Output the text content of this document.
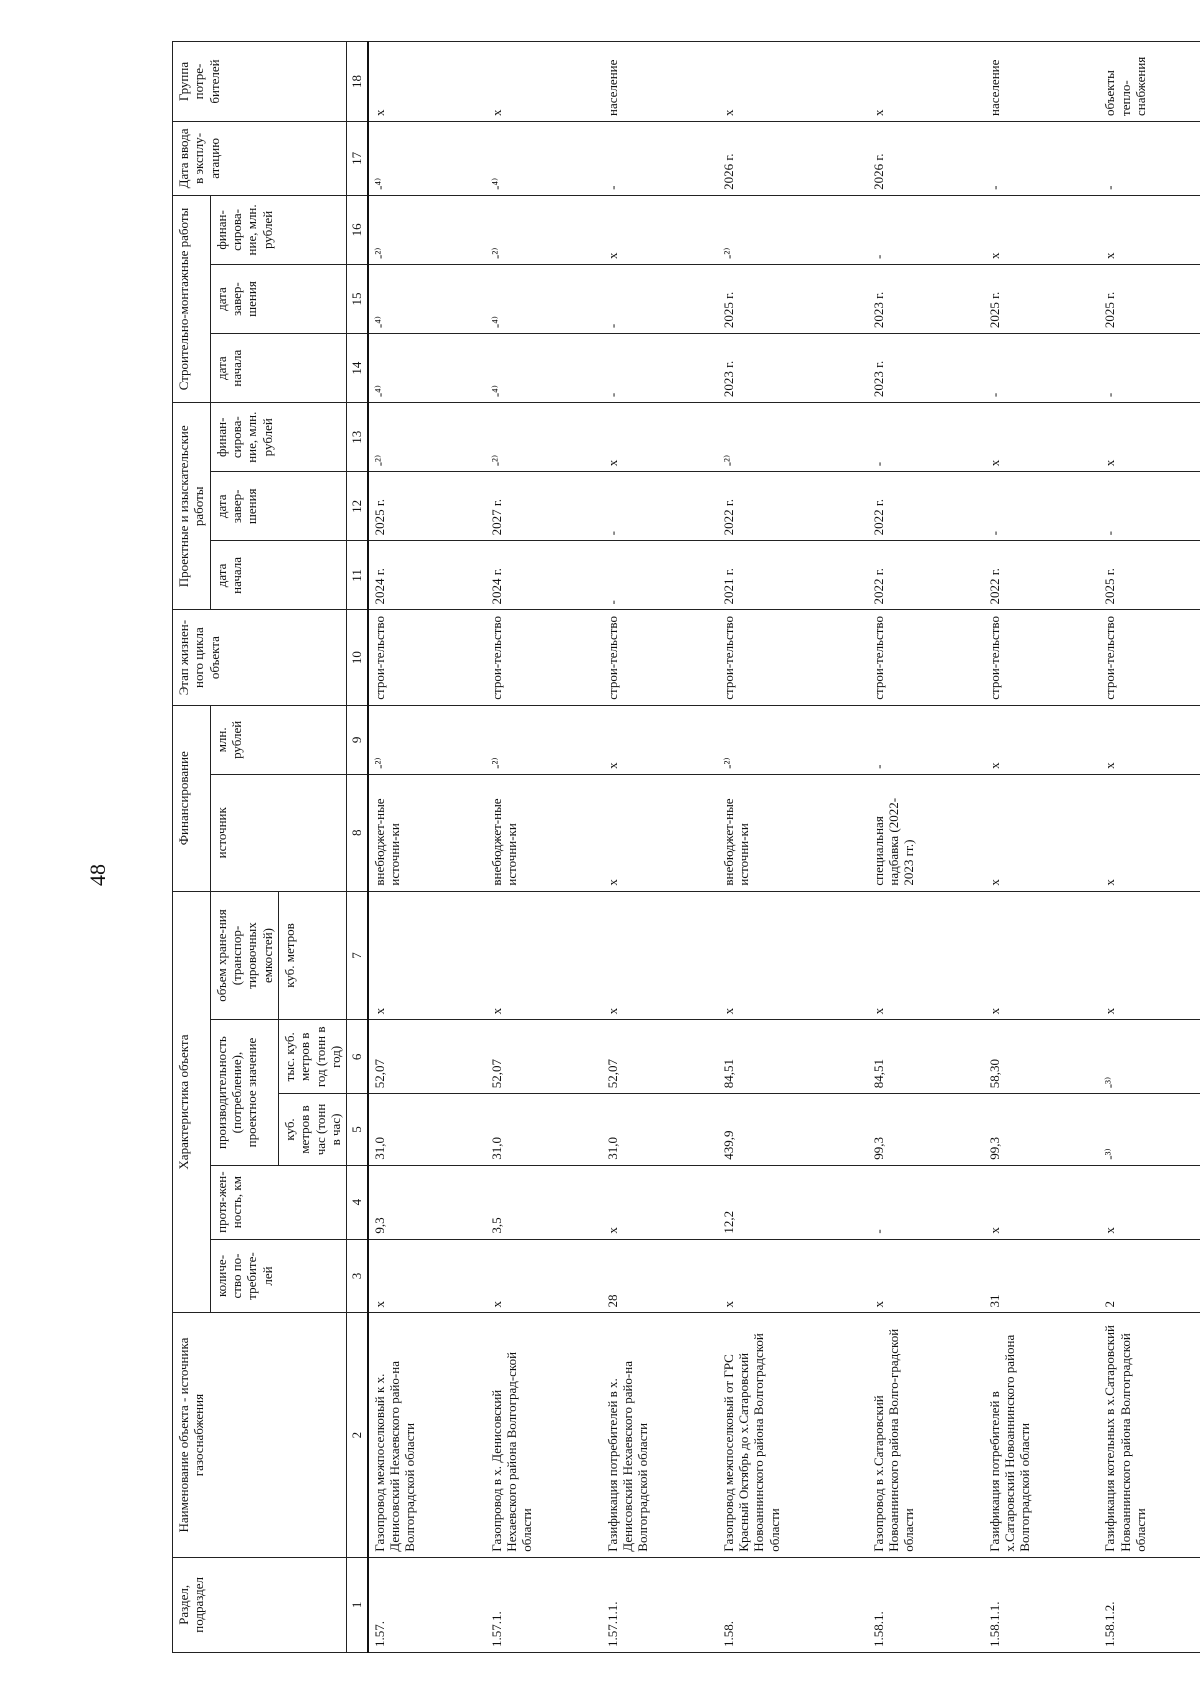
48
Раздел, подраздел	Наименование объекта - источника газоснабжения	Характеристика объекта					Финансирование		Этап жизнен-ного цикла объекта	Проектные и изыскательские работы			Строительно-монтажные работы			Дата ввода в эксплу-атацию	Группа потре-бителей
		количе-ство по-требите-лей	протя-жен-ность, км	производительность (потребление), проектное значение		объем хране-ния (транспор-тировочных емкостей)	источник	млн. рублей		дата начала	дата завер-шения	финан-сирова-ние, млн. рублей	дата начала	дата завер-шения	финан-сирова-ние, млн. рублей		
				куб. метров в час (тонн в час)	тыс. куб. метров в год (тонн в год)	куб. метров											
1	2	3	4	5	6	7	8	9	10	11	12	13	14	15	16	17	18
1.57.	Газопровод межпоселковый к х. Денисовский Нехаевского райо-на Волгоградской области	х	9,3	31,0	52,07	х	внебюджет-ные источни-ки	-²⁾	строи-тельство	2024 г.	2025 г.	-²⁾	-⁴⁾	-⁴⁾	-²⁾	-⁴⁾	х
1.57.1.	Газопровод в х. Денисовский Нехаевского района Волгоград-ской области	х	3,5	31,0	52,07	х	внебюджет-ные источни-ки	-²⁾	строи-тельство	2024 г.	2027 г.	-²⁾	-⁴⁾	-⁴⁾	-²⁾	-⁴⁾	х
1.57.1.1.	Газификация потребителей в х. Денисовский Нехаевского райо-на Волгоградской области	28	х	31,0	52,07	х	х	х	строи-тельство	-	-	х	-	-	х	-	население
1.58.	Газопровод межпоселковый от ГРС Красный Октябрь до х.Сатаровский Новоаннинского района Волгоградской области	х	12,2	439,9	84,51	х	внебюджет-ные источни-ки	-²⁾	строи-тельство	2021 г.	2022 г.	-²⁾	2023 г.	2025 г.	-²⁾	2026 г.	х
1.58.1.	Газопровод в х.Сатаровский Новоаннинского района Волго-градской области	х	-	99,3	84,51	х	специальная надбавка (2022-2023 гг.)	-	строи-тельство	2022 г.	2022 г.	-	2023 г.	2023 г.	-	2026 г.	х
1.58.1.1.	Газификация потребителей в х.Сатаровский Новоаннинского района Волгоградской области	31	х	99,3	58,30	х	х	х	строи-тельство	2022 г.	-	х	-	2025 г.	х	-	население
1.58.1.2.	Газификация котельных в х.Сатаровский Новоаннинского района Волгоградской области	2	х	-³⁾	-³⁾	х	х	х	строи-тельство	2025 г.	-	х	-	2025 г.	х	-	объекты тепло-снабжения
